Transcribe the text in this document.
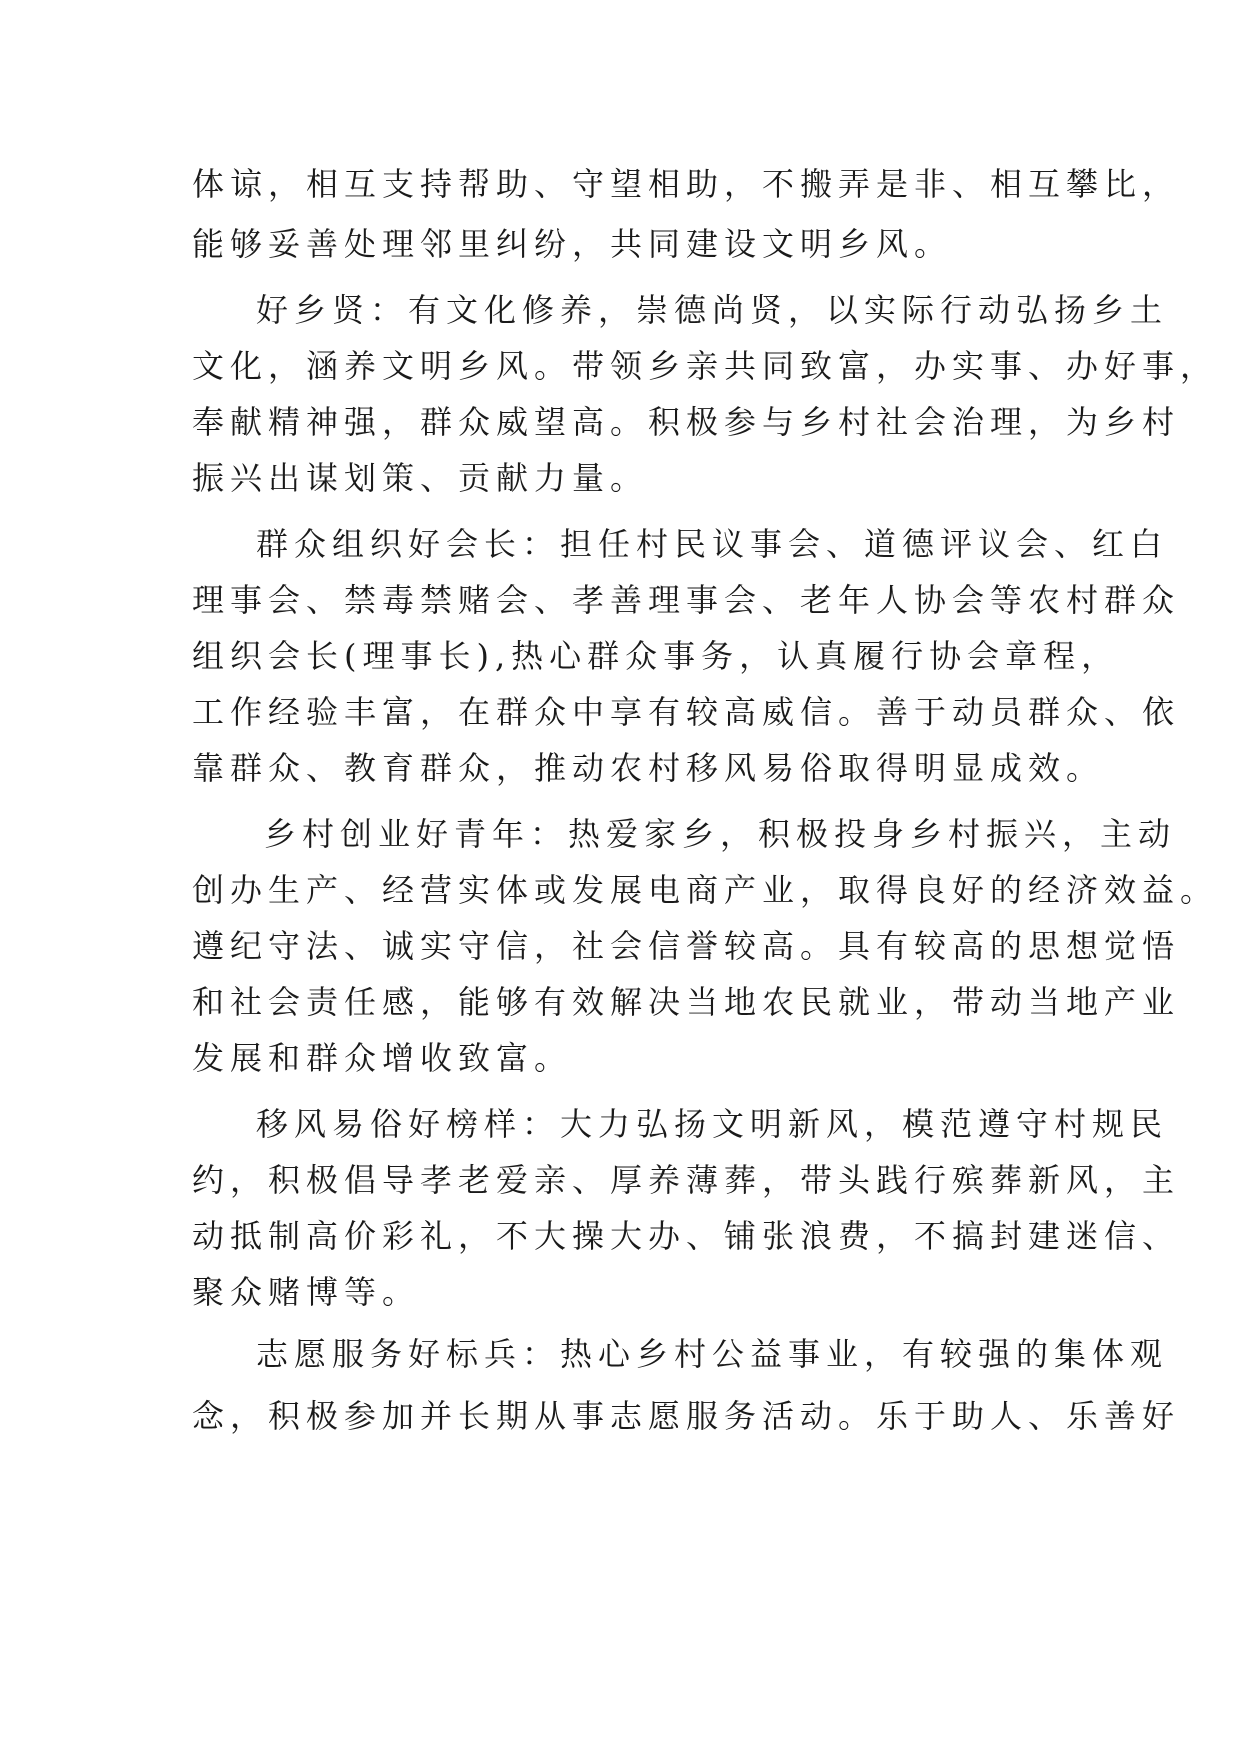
体谅，相互支持帮助、守望相助，不搬弄是非、相互攀比，
能够妥善处理邻里纠纷，共同建设文明乡风。
好乡贤：有文化修养，崇德尚贤，以实际行动弘扬乡土
文化，涵养文明乡风。带领乡亲共同致富，办实事、办好事，
奉献精神强，群众威望高。积极参与乡村社会治理，为乡村
振兴出谋划策、贡献力量。
群众组织好会长：担任村民议事会、道德评议会、红白
理事会、禁毒禁赌会、孝善理事会、老年人协会等农村群众
组织会长(理事长),热心群众事务，认真履行协会章程，
工作经验丰富，在群众中享有较高威信。善于动员群众、依
靠群众、教育群众，推动农村移风易俗取得明显成效。
乡村创业好青年：热爱家乡，积极投身乡村振兴，主动
创办生产、经营实体或发展电商产业，取得良好的经济效益。
遵纪守法、诚实守信，社会信誉较高。具有较高的思想觉悟
和社会责任感，能够有效解决当地农民就业，带动当地产业
发展和群众增收致富。
移风易俗好榜样：大力弘扬文明新风，模范遵守村规民
约，积极倡导孝老爱亲、厚养薄葬，带头践行殡葬新风，主
动抵制高价彩礼，不大操大办、铺张浪费，不搞封建迷信、
聚众赌博等。
志愿服务好标兵：热心乡村公益事业，有较强的集体观
念，积极参加并长期从事志愿服务活动。乐于助人、乐善好
